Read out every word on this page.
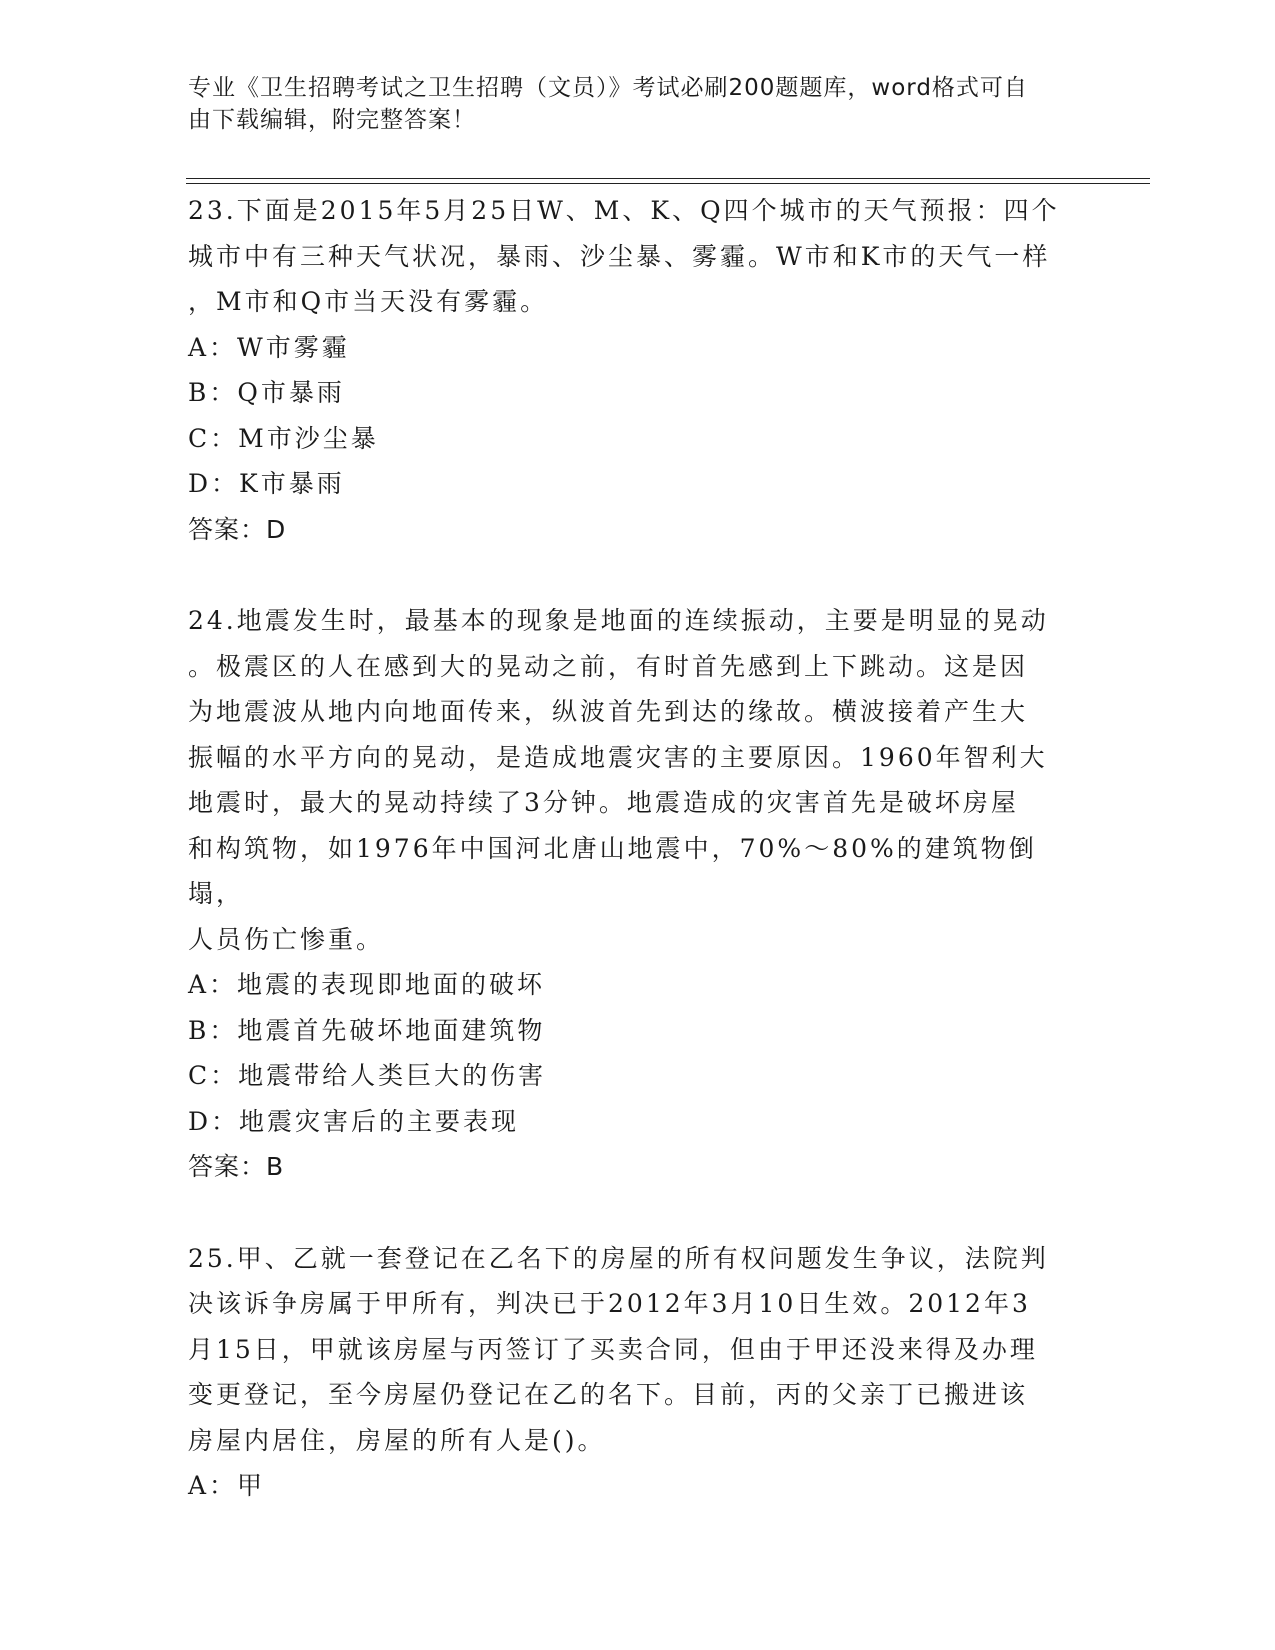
专业《卫生招聘考试之卫生招聘（文员）》考试必刷200题题库，word格式可自
由下载编辑，附完整答案！

23.下面是2015年5月25日W、M、K、Q四个城市的天气预报：四个
城市中有三种天气状况，暴雨、沙尘暴、雾霾。W市和K市的天气一样
，M市和Q市当天没有雾霾。

A：W市雾霾
B：Q市暴雨
C：M市沙尘暴
D：K市暴雨

答案：D

24.地震发生时，最基本的现象是地面的连续振动，主要是明显的晃动
。极震区的人在感到大的晃动之前，有时首先感到上下跳动。这是因
为地震波从地内向地面传来，纵波首先到达的缘故。横波接着产生大
振幅的水平方向的晃动，是造成地震灾害的主要原因。1960年智利大
地震时，最大的晃动持续了3分钟。地震造成的灾害首先是破坏房屋
和构筑物，如1976年中国河北唐山地震中，70%～80%的建筑物倒塌，
人员伤亡惨重。

A：地震的表现即地面的破坏
B：地震首先破坏地面建筑物
C：地震带给人类巨大的伤害
D：地震灾害后的主要表现

答案：B

25.甲、乙就一套登记在乙名下的房屋的所有权问题发生争议，法院判
决该诉争房属于甲所有，判决已于2012年3月10日生效。2012年3
月15日，甲就该房屋与丙签订了买卖合同，但由于甲还没来得及办理
变更登记，至今房屋仍登记在乙的名下。目前，丙的父亲丁已搬进该
房屋内居住，房屋的所有人是()。

A：甲
